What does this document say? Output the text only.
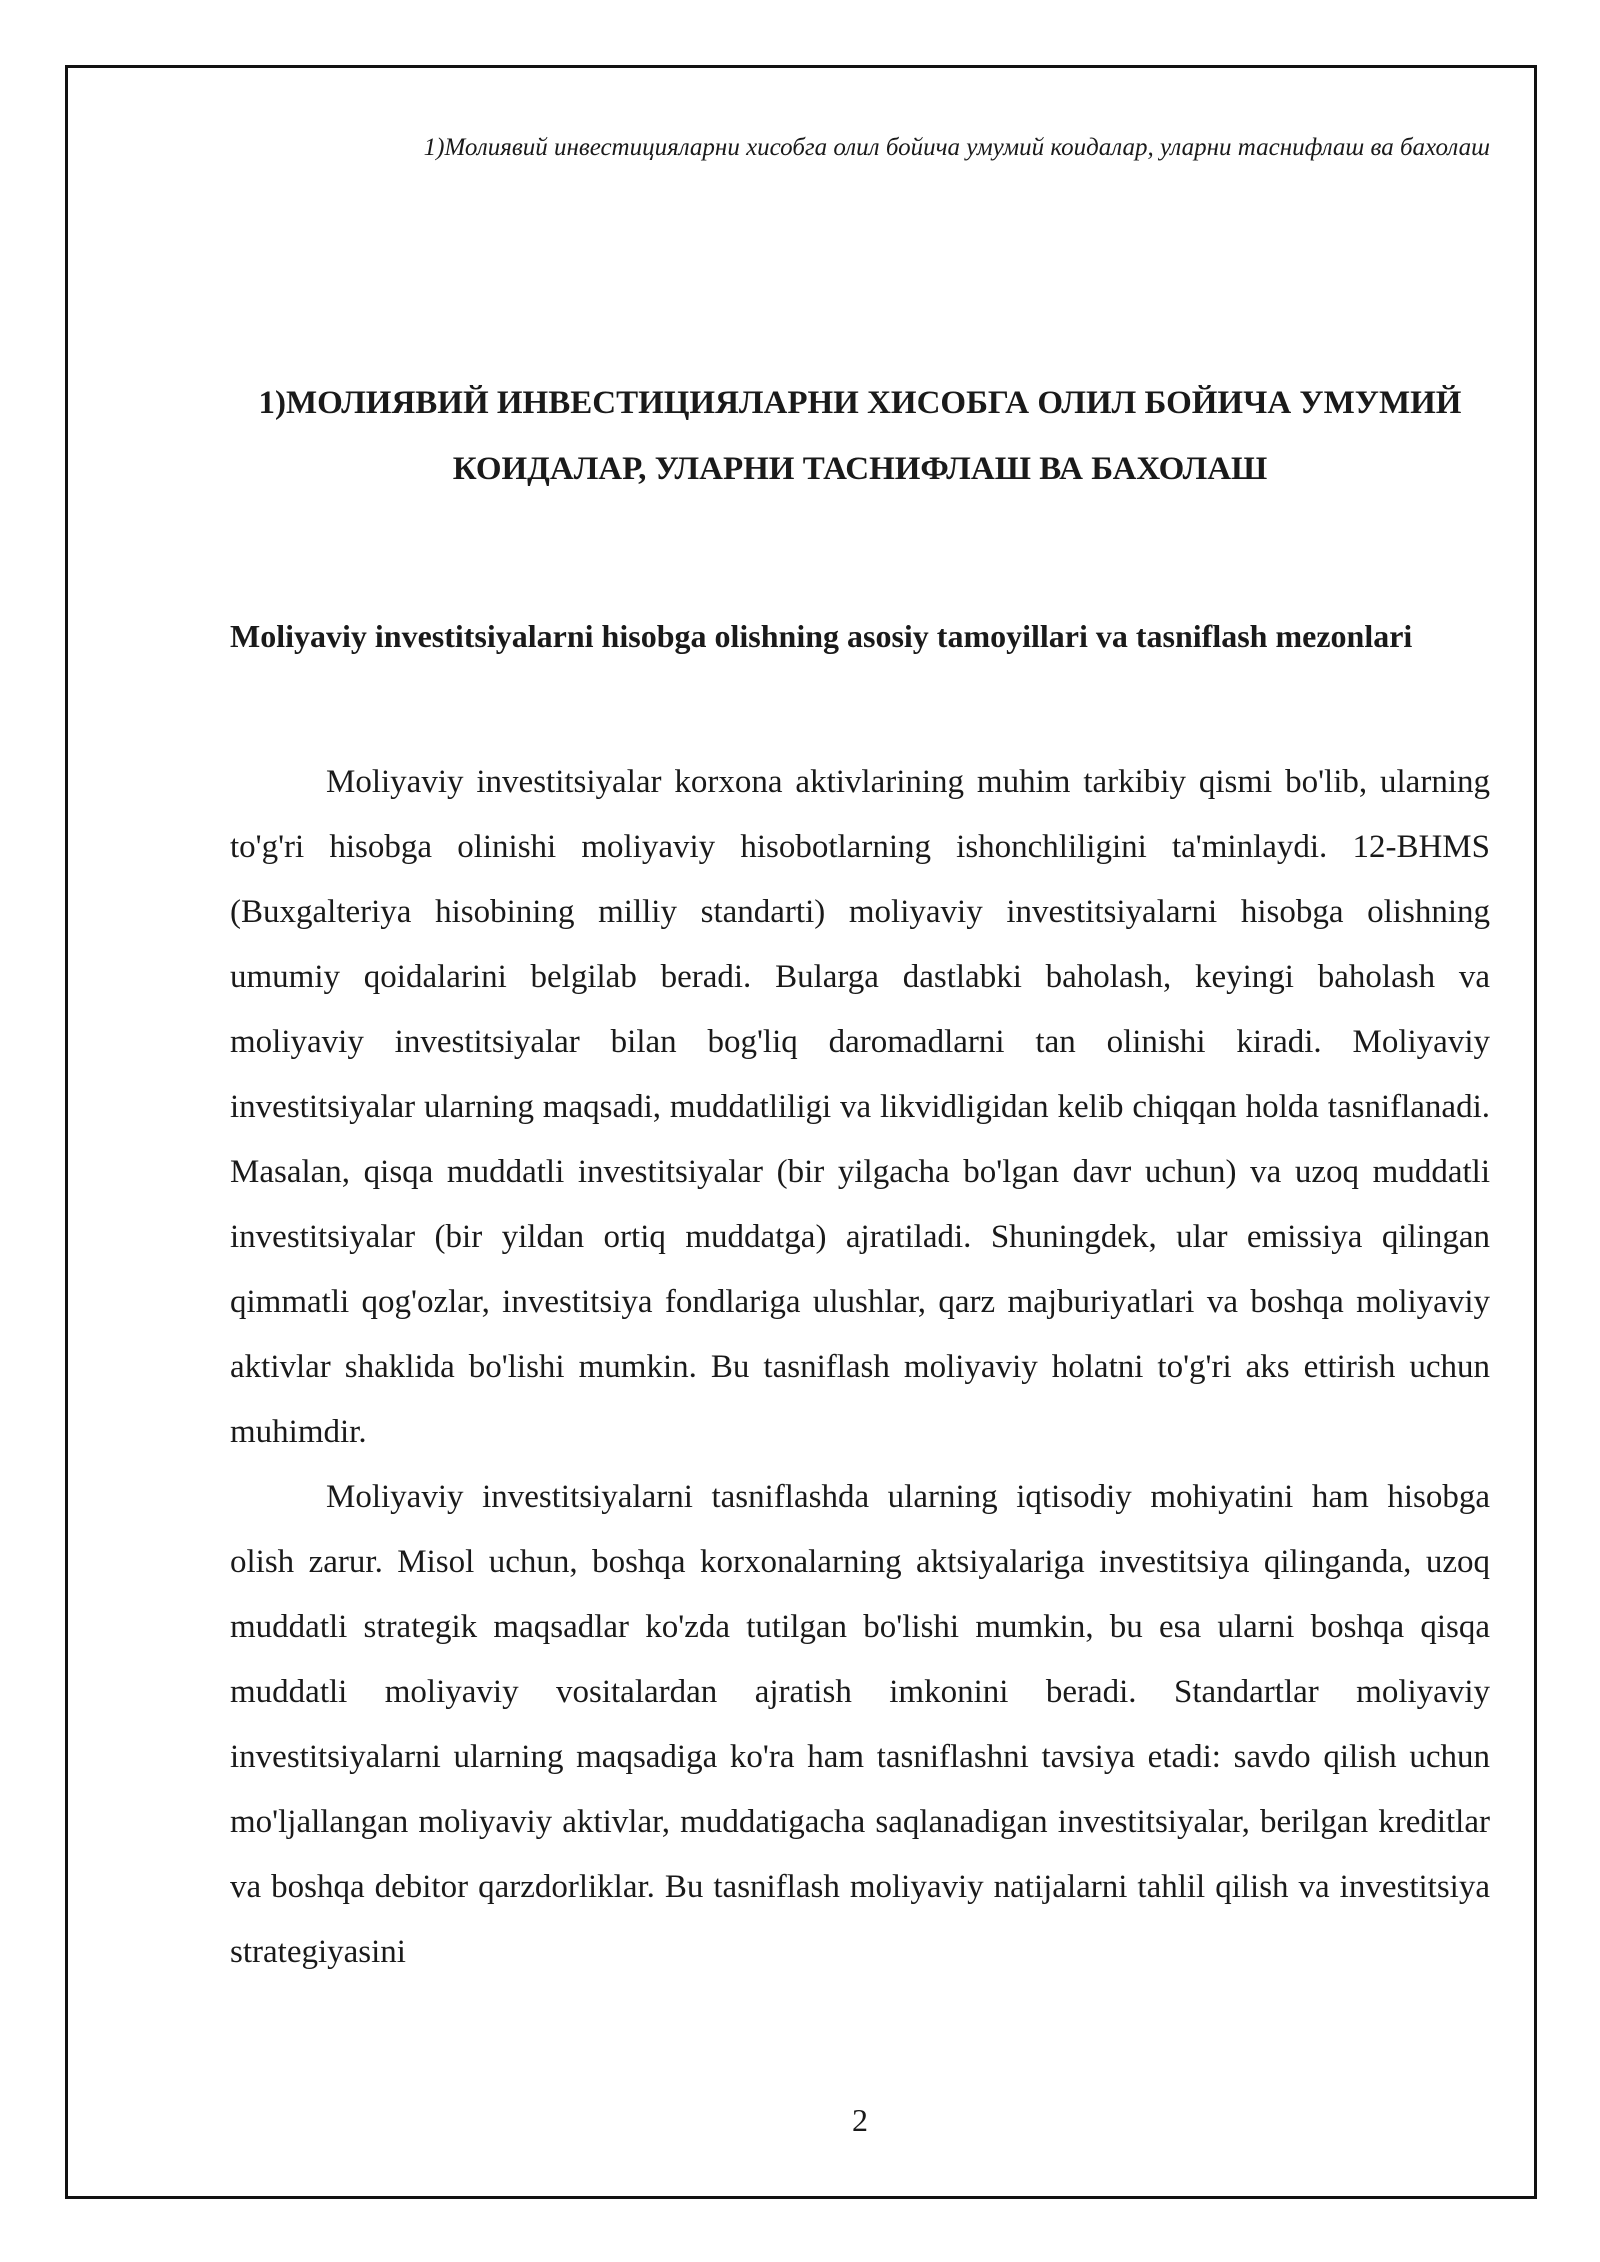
1)Молиявий инвестицияларни хисобга олил бойича умумий коидалар, уларни таснифлаш ва бахолаш

1)МОЛИЯВИЙ ИНВЕСТИЦИЯЛАРНИ ХИСОБГА ОЛИЛ БОЙИЧА УМУМИЙ КОИДАЛАР, УЛАРНИ ТАСНИФЛАШ ВА БАХОЛАШ
Moliyaviy investitsiyalarni hisobga olishning asosiy tamoyillari va tasniflash mezonlari

Moliyaviy investitsiyalar korxona aktivlarining muhim tarkibiy qismi bo'lib, ularning to'g'ri hisobga olinishi moliyaviy hisobotlarning ishonchliligini ta'minlaydi. 12-BHMS (Buxgalteriya hisobining milliy standarti) moliyaviy investitsiyalarni hisobga olishning umumiy qoidalarini belgilab beradi. Bularga dastlabki baholash, keyingi baholash va moliyaviy investitsiyalar bilan bog'liq daromadlarni tan olinishi kiradi. Moliyaviy investitsiyalar ularning maqsadi, muddatliligi va likvidligidan kelib chiqqan holda tasniflanadi. Masalan, qisqa muddatli investitsiyalar (bir yilgacha bo'lgan davr uchun) va uzoq muddatli investitsiyalar (bir yildan ortiq muddatga) ajratiladi. Shuningdek, ular emissiya qilingan qimmatli qog'ozlar, investitsiya fondlariga ulushlar, qarz majburiyatlari va boshqa moliyaviy aktivlar shaklida bo'lishi mumkin. Bu tasniflash moliyaviy holatni to'g'ri aks ettirish uchun muhimdir.

Moliyaviy investitsiyalarni tasniflashda ularning iqtisodiy mohiyatini ham hisobga olish zarur. Misol uchun, boshqa korxonalarning aktsiyalariga investitsiya qilinganda, uzoq muddatli strategik maqsadlar ko'zda tutilgan bo'lishi mumkin, bu esa ularni boshqa qisqa muddatli moliyaviy vositalardan ajratish imkonini beradi. Standartlar moliyaviy investitsiyalarni ularning maqsadiga ko'ra ham tasniflashni tavsiya etadi: savdo qilish uchun mo'ljallangan moliyaviy aktivlar, muddatigacha saqlanadigan investitsiyalar, berilgan kreditlar va boshqa debitor qarzdorliklar. Bu tasniflash moliyaviy natijalarni tahlil qilish va investitsiya strategiyasini

2
